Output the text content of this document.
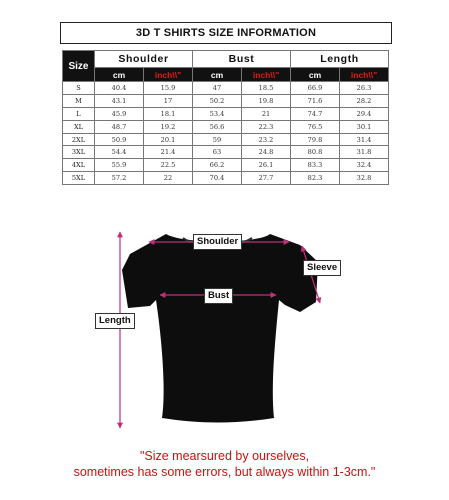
3D T SHIRTS SIZE INFORMATION
Size	Shoulder		Bust		Length	
	cm	inch\\"	cm	inch\\"	cm	inch\\"
S	40.4	15.9	47	18.5	66.9	26.3
M	43.1	17	50.2	19.8	71.6	28.2
L	45.9	18.1	53.4	21	74.7	29.4
XL	48.7	19.2	56.6	22.3	76.5	30.1
2XL	50.9	20.1	59	23.2	79.8	31.4
3XL	54.4	21.4	63	24.8	80.8	31.8
4XL	55.9	22.5	66.2	26.1	83.3	32.4
5XL	57.2	22	70.4	27.7	82.3	32.8
Shoulder
Bust
Sleeve
Length
"Size mearsured by ourselves,
sometimes has some errors, but always within 1-3cm."
